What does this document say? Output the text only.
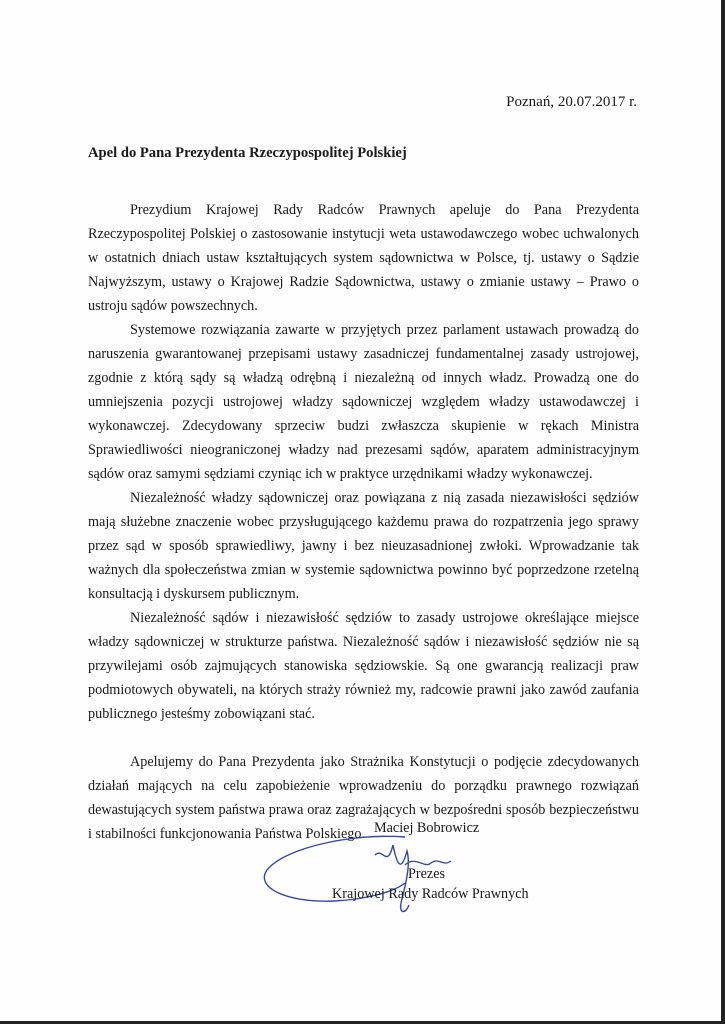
Poznań, 20.07.2017 r.
Apel do Pana Prezydenta Rzeczypospolitej Polskiej

Prezydium Krajowej Rady Radców Prawnych apeluje do Pana Prezydenta Rzeczypospolitej Polskiej o zastosowanie instytucji weta ustawodawczego wobec uchwalonych w ostatnich dniach ustaw kształtujących system sądownictwa w Polsce, tj. ustawy o Sądzie Najwyższym, ustawy o Krajowej Radzie Sądownictwa, ustawy o zmianie ustawy – Prawo o ustroju sądów powszechnych.

Systemowe rozwiązania zawarte w przyjętych przez parlament ustawach prowadzą do naruszenia gwarantowanej przepisami ustawy zasadniczej fundamentalnej zasady ustrojowej, zgodnie z którą sądy są władzą odrębną i niezależną od innych władz. Prowadzą one do umniejszenia pozycji ustrojowej władzy sądowniczej względem władzy ustawodawczej i wykonawczej. Zdecydowany sprzeciw budzi zwłaszcza skupienie w rękach Ministra Sprawiedliwości nieograniczonej władzy nad prezesami sądów, aparatem administracyjnym sądów oraz samymi sędziami czyniąc ich w praktyce urzędnikami władzy wykonawczej.

Niezależność władzy sądowniczej oraz powiązana z nią zasada niezawisłości sędziów mają służebne znaczenie wobec przysługującego każdemu prawa do rozpatrzenia jego sprawy przez sąd w sposób sprawiedliwy, jawny i bez nieuzasadnionej zwłoki. Wprowadzanie tak ważnych dla społeczeństwa zmian w systemie sądownictwa powinno być poprzedzone rzetelną konsultacją i dyskursem publicznym.

Niezależność sądów i niezawisłość sędziów to zasady ustrojowe określające miejsce władzy sądowniczej w strukturze państwa. Niezależność sądów i niezawisłość sędziów nie są przywilejami osób zajmujących stanowiska sędziowskie. Są one gwarancją realizacji praw podmiotowych obywateli, na których straży również my, radcowie prawni jako zawód zaufania publicznego jesteśmy zobowiązani stać.

Apelujemy do Pana Prezydenta jako Strażnika Konstytucji o podjęcie zdecydowanych działań mających na celu zapobieżenie wprowadzeniu do porządku prawnego rozwiązań dewastujących system państwa prawa oraz zagrażających w bezpośredni sposób bezpieczeństwu i stabilności funkcjonowania Państwa Polskiego. Maciej Bobrowicz
Prezes
Krajowej Rady Radców Prawnych
